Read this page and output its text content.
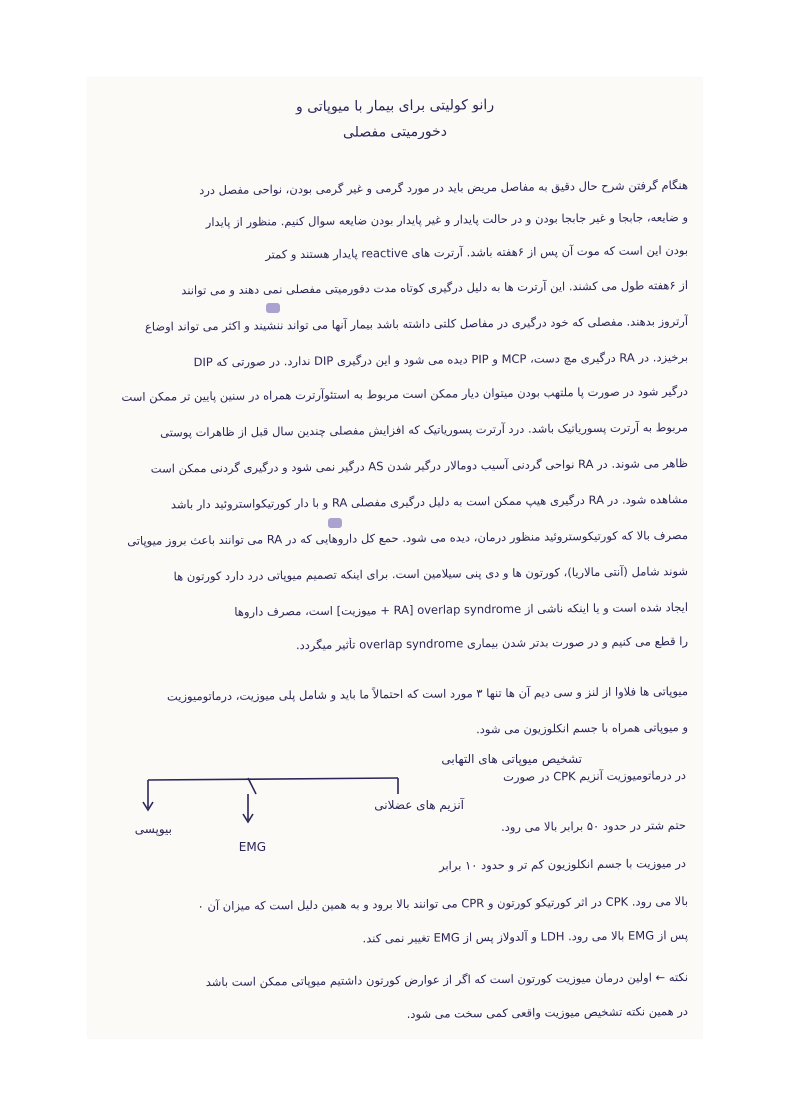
رانو کولیتی برای بیمار با میوپاتی و
دخورمیتی مفصلی
هنگام گرفتن شرح حال دقیق به مفاصل مریض باید در مورد گرمی و غیر گرمی بودن، نواحی مفصل درد
و ضایعه، جابجا و غیر جابجا بودن و در حالت پایدار و غیر پایدار بودن ضایعه سوال کنیم. منظور از پایدار
بودن این است که موت آن پس از ۶هفته باشد. آرترت های reactive پایدار هستند و کمتر
از ۶هفته طول می کشند. این آرترت ها به دلیل درگیری کوتاه مدت دفورمیتی مفصلی نمی دهند و می توانند
آرتروز بدهند. مفصلی که خود درگیری در مفاصل کلتی داشته باشد بیمار آنها می تواند ننشیند و اکثر می تواند اوضاع
برخیزد. در RA درگیری مچ دست، MCP و PIP دیده می شود و این درگیری DIP ندارد. در صورتی که DIP
درگیر شود در صورت پا ملتهب بودن میتوان دیار ممکن است مربوط به استئوآرترت همراه در سنین پایین تر ممکن است
مربوط به آرترت پسوریاتیک باشد. درد آرترت پسوریاتیک که افزایش مفصلی چندین سال قبل از ظاهرات پوستی
ظاهر می شوند. در RA نواحی گردنی آسیب دومالار درگیر شدن AS درگیر نمی شود و درگیری گردنی ممکن است
مشاهده شود. در RA درگیری هیپ ممکن است به دلیل درگیری مفصلی RA و با دار کورتیکواستروئید دار باشد
مصرف بالا که کورتیکوستروئید منظور درمان، دیده می شود. حمع کل داروهایی که در RA می توانند باعث بروز میوپاتی
شوند شامل (آنتی مالاریا)، کورتون ها و دی پنی سیلامین است. برای اینکه تصمیم میوپاتی درد دارد کورتون ها
ایجاد شده است و یا اینکه ناشی از overlap syndrome [RA + میوزیت] است، مصرف داروها
را قطع می کنیم و در صورت بدتر شدن بیماری overlap syndrome تأثیر میگردد.
میوپاتی ها فلاوا از لنز و سی دیم آن ها تنها ۳ مورد است که احتمالاً ما باید و شامل پلی میوزیت، درماتومیوزیت
و میوپاتی همراه با جسم انکلوزیون می شود.
تشخیص میوپاتی های التهابی
آنزیم های عضلانی
EMG
بیوپسی
در درماتومیوزیت آنزیم CPK در صورت
حتم شتر در حدود ۵۰ برابر بالا می رود.
در میوزیت با جسم انکلوزیون کم تر و حدود ۱۰ برابر
بالا می رود. CPK در اثر کورتیکو کورتون و CPR می توانند بالا برود و به همین دلیل است که میزان آن ۰
پس از EMG بالا می رود. LDH و آلدولاز پس از EMG تغییر نمی کند.
نکته ← اولین درمان میوزیت کورتون است که اگر از عوارض کورتون داشتیم میوپاتی ممکن است باشد
در همین نکته تشخیص میوزیت واقعی کمی سخت می شود.
